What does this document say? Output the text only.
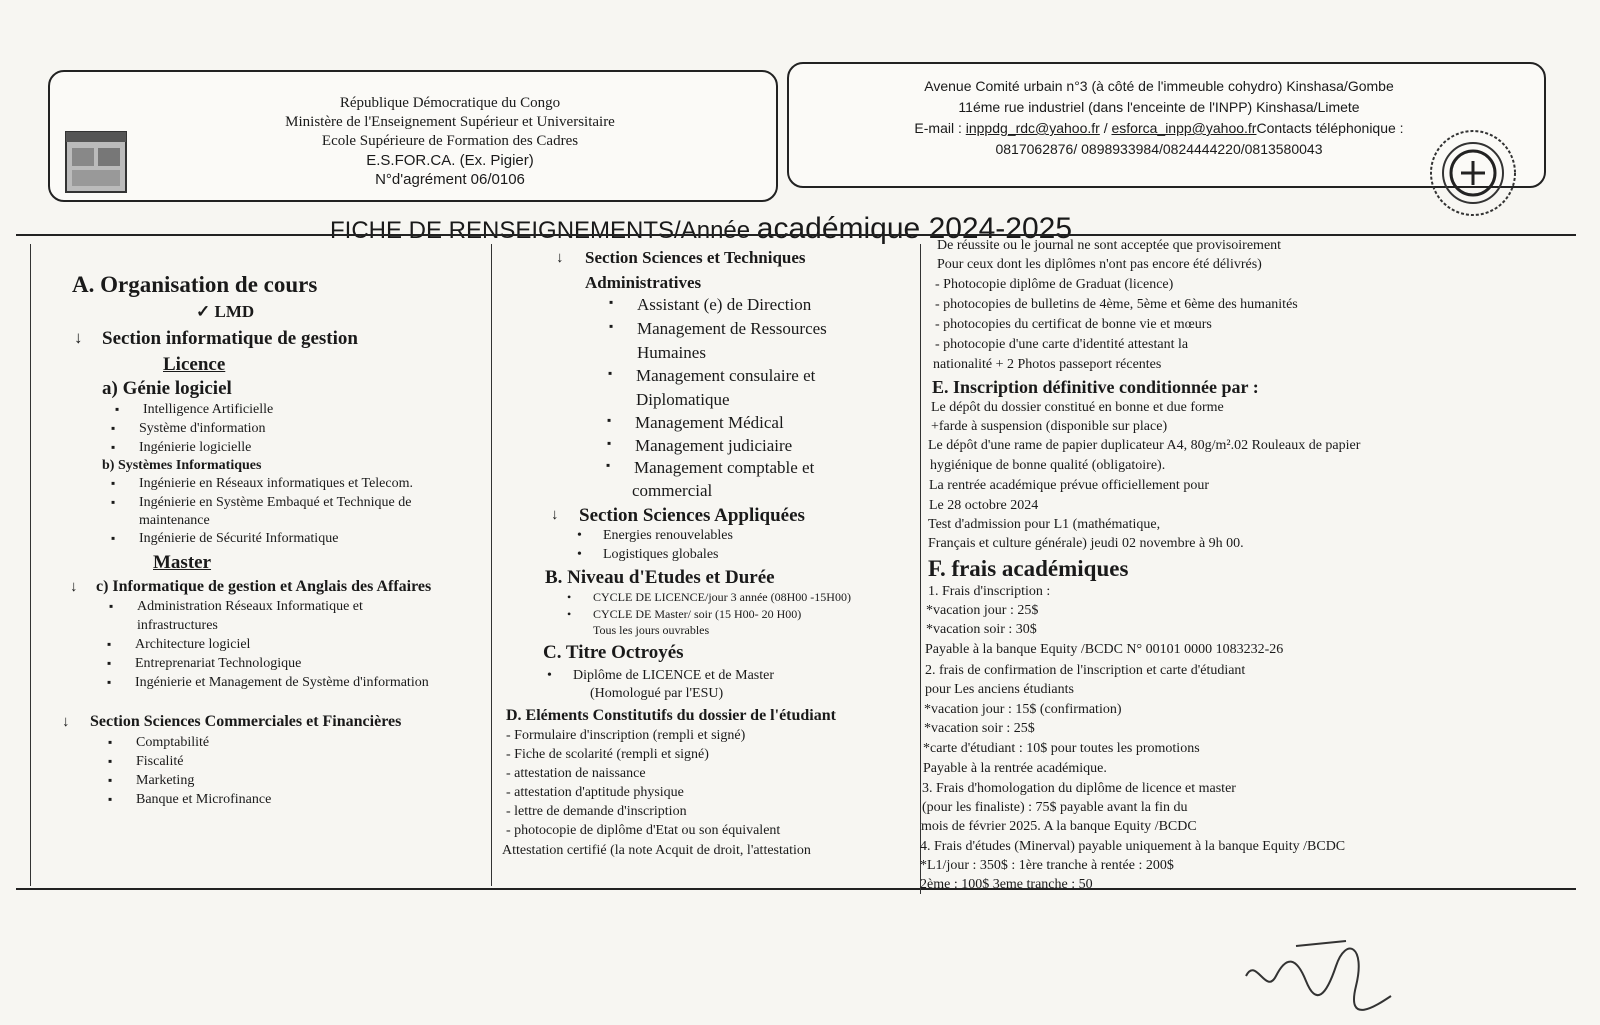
République Démocratique du Congo
Ministère de l'Enseignement Supérieur et Universitaire
Ecole Supérieure de Formation des Cadres
E.S.FOR.CA. (Ex. Pigier)
N°d'agrément 06/0106
Avenue Comité urbain n°3 (à côté de l'immeuble cohydro) Kinshasa/Gombe
11éme rue industriel (dans l'enceinte de l'INPP) Kinshasa/Limete
E-mail : inppdg_rdc@yahoo.fr / esforca_inpp@yahoo.frContacts téléphonique :
0817062876/ 0898933984/0824444220/0813580043
FICHE DE RENSEIGNEMENTS/Année académique 2024-2025
A. Organisation de cours
✓ LMD
↓ Section informatique de gestion
Licence
a) Génie logiciel
▪ Intelligence Artificielle
▪ Système d'information
▪ Ingénierie logicielle
b) Systèmes Informatiques
▪ Ingénierie en Réseaux informatiques et Telecom.
▪ Ingénierie en Système Embaqué et Technique de
maintenance
▪ Ingénierie de Sécurité Informatique
Master
↓ c) Informatique de gestion et Anglais des Affaires
▪ Administration Réseaux Informatique et
infrastructures
▪ Architecture logiciel
▪ Entreprenariat Technologique
▪ Ingénierie et Management de Système d'information
↓ Section Sciences Commerciales et Financières
▪ Comptabilité
▪ Fiscalité
▪ Marketing
▪ Banque et Microfinance
↓ Section Sciences et Techniques
Administratives
▪ Assistant (e) de Direction
▪ Management de Ressources
Humaines
▪ Management consulaire et
Diplomatique
▪ Management Médical
▪ Management judiciaire
▪ Management comptable et
commercial
↓ Section Sciences Appliquées
• Energies renouvelables
• Logistiques globales
B. Niveau d'Etudes et Durée
• CYCLE DE LICENCE/jour 3 année (08H00 -15H00)
• CYCLE DE Master/ soir (15 H00- 20 H00)
Tous les jours ouvrables
C. Titre Octroyés
• Diplôme de LICENCE et de Master
(Homologué par l'ESU)
D. Eléments Constitutifs du dossier de l'étudiant
- Formulaire d'inscription (rempli et signé)
- Fiche de scolarité (rempli et signé)
- attestation de naissance
- attestation d'aptitude physique
- lettre de demande d'inscription
- photocopie de diplôme d'Etat ou son équivalent
Attestation certifié (la note Acquit de droit, l'attestation
De réussite ou le journal ne sont acceptée que provisoirement
Pour ceux dont les diplômes n'ont pas encore été délivrés)
- Photocopie diplôme de Graduat (licence)
- photocopies de bulletins de 4ème, 5ème et 6ème des humanités
- photocopies du certificat de bonne vie et mœurs
- photocopie d'une carte d'identité attestant la
nationalité + 2 Photos passeport récentes
E. Inscription définitive conditionnée par :
Le dépôt du dossier constitué en bonne et due forme
+farde à suspension (disponible sur place)
Le dépôt d'une rame de papier duplicateur A4, 80g/m².02 Rouleaux de papier
hygiénique de bonne qualité (obligatoire).
La rentrée académique prévue officiellement pour
Le 28 octobre 2024
Test d'admission pour L1 (mathématique,
Français et culture générale) jeudi 02 novembre à 9h 00.
F. frais académiques
1. Frais d'inscription :
*vacation jour : 25$
*vacation soir : 30$
Payable à la banque Equity /BCDC N° 00101 0000 1083232-26
2. frais de confirmation de l'inscription et carte d'étudiant
pour Les anciens étudiants
*vacation jour : 15$ (confirmation)
*vacation soir : 25$
*carte d'étudiant : 10$ pour toutes les promotions
Payable à la rentrée académique.
3. Frais d'homologation du diplôme de licence et master
(pour les finaliste) : 75$ payable avant la fin du
mois de février 2025. A la banque Equity /BCDC
4. Frais d'études (Minerval) payable uniquement à la banque Equity /BCDC
*L1/jour : 350$ : 1ère tranche à rentée : 200$
2ème : 100$ 3eme tranche : 50
